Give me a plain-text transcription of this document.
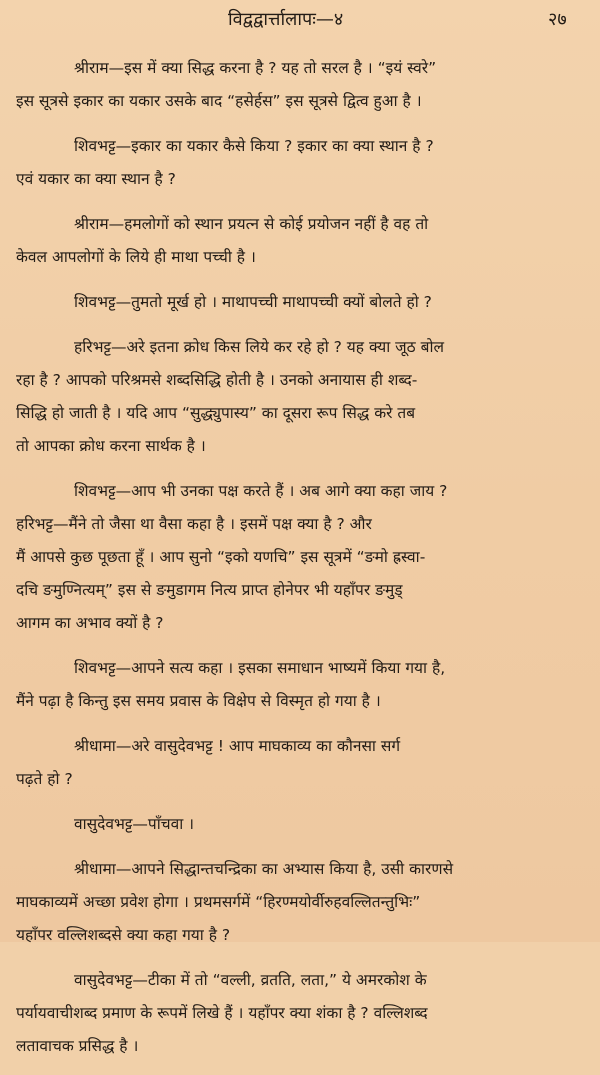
विद्वद्वार्त्तालापः—४	२७
श्रीराम—इस में क्या सिद्ध करना है ? यह तो सरल है । “इयं स्वरे”
इस सूत्रसे इकार का यकार उसके बाद “हसेर्हस” इस सूत्रसे द्वित्व हुआ है ।
शिवभट्ट—इकार का यकार कैसे किया ? इकार का क्या स्थान है ?
एवं यकार का क्या स्थान है ?
श्रीराम—हमलोगों को स्थान प्रयत्न से कोई प्रयोजन नहीं है वह तो
केवल आपलोगों के लिये ही माथा पच्ची है ।
शिवभट्ट—तुमतो मूर्ख हो । माथापच्ची माथापच्ची क्यों बोलते हो ?
हरिभट्ट—अरे इतना क्रोध किस लिये कर रहे हो ? यह क्या जूठ बोल
रहा है ? आपको परिश्रमसे शब्दसिद्धि होती है । उनको अनायास ही शब्द-
सिद्धि हो जाती है । यदि आप “सुद्ध्युपास्य” का दूसरा रूप सिद्ध करे तब
तो आपका क्रोध करना सार्थक है ।
शिवभट्ट—आप भी उनका पक्ष करते हैं । अब आगे क्या कहा जाय ?
हरिभट्ट—मैंने तो जैसा था वैसा कहा है । इसमें पक्ष क्या है ? और
मैं आपसे कुछ पूछता हूँ । आप सुनो “इको यणचि” इस सूत्रमें “ङमो ह्रस्वा-
दचि ङमुण्नित्यम्” इस से ङमुडागम नित्य प्राप्त होनेपर भी यहाँपर ङमुड्
आगम का अभाव क्यों है ?
शिवभट्ट—आपने सत्य कहा । इसका समाधान भाष्यमें किया गया है,
मैंने पढ़ा है किन्तु इस समय प्रवास के विक्षेप से विस्मृत हो गया है ।
श्रीधामा—अरे वासुदेवभट्ट ! आप माघकाव्य का कौनसा सर्ग
पढ़ते हो ?
वासुदेवभट्ट—पाँचवा ।
श्रीधामा—आपने सिद्धान्तचन्द्रिका का अभ्यास किया है, उसी कारणसे
माघकाव्यमें अच्छा प्रवेश होगा । प्रथमसर्गमें “हिरण्मयोर्वीरुहवल्लितन्तुभिः”
यहाँपर वल्लिशब्दसे क्या कहा गया है ?
वासुदेवभट्ट—टीका में तो “वल्ली, व्रतति, लता,” ये अमरकोश के
पर्यायवाचीशब्द प्रमाण के रूपमें लिखे हैं । यहाँपर क्या शंका है ? वल्लिशब्द
लतावाचक प्रसिद्ध है ।
